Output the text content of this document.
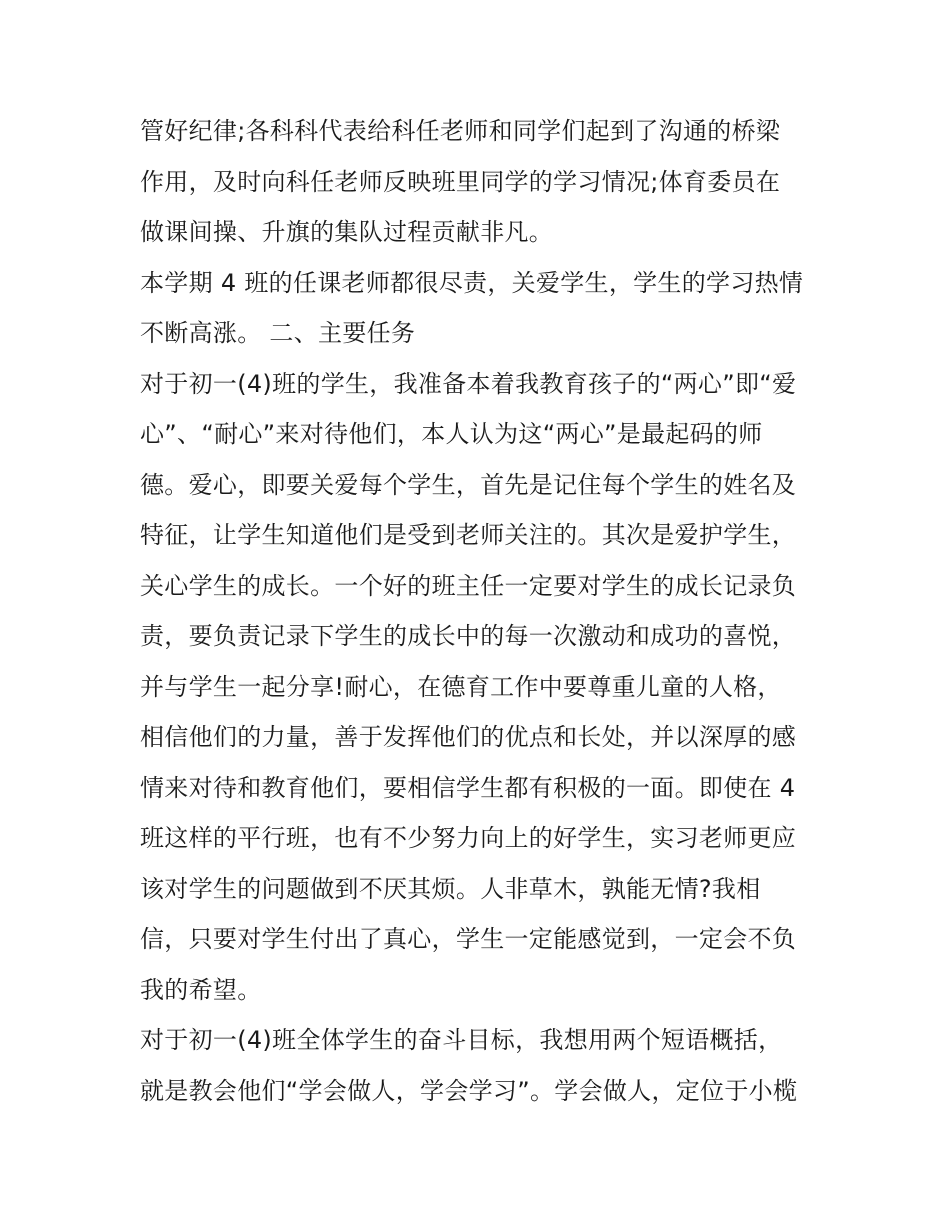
管好纪律;各科科代表给科任老师和同学们起到了沟通的桥梁
作用，及时向科任老师反映班里同学的学习情况;体育委员在
做课间操、升旗的集队过程贡献非凡。
本学期 4 班的任课老师都很尽责，关爱学生，学生的学习热情
不断高涨。 二、主要任务
对于初一(4)班的学生，我准备本着我教育孩子的“两心”即“爱
心”、“耐心”来对待他们，本人认为这“两心”是最起码的师
德。爱心，即要关爱每个学生，首先是记住每个学生的姓名及
特征，让学生知道他们是受到老师关注的。其次是爱护学生，
关心学生的成长。一个好的班主任一定要对学生的成长记录负
责，要负责记录下学生的成长中的每一次激动和成功的喜悦，
并与学生一起分享!耐心，在德育工作中要尊重儿童的人格，
相信他们的力量，善于发挥他们的优点和长处，并以深厚的感
情来对待和教育他们，要相信学生都有积极的一面。即使在 4
班这样的平行班，也有不少努力向上的好学生，实习老师更应
该对学生的问题做到不厌其烦。人非草木，孰能无情?我相
信，只要对学生付出了真心，学生一定能感觉到，一定会不负
我的希望。
对于初一(4)班全体学生的奋斗目标，我想用两个短语概括，
就是教会他们“学会做人，学会学习”。学会做人，定位于小榄
